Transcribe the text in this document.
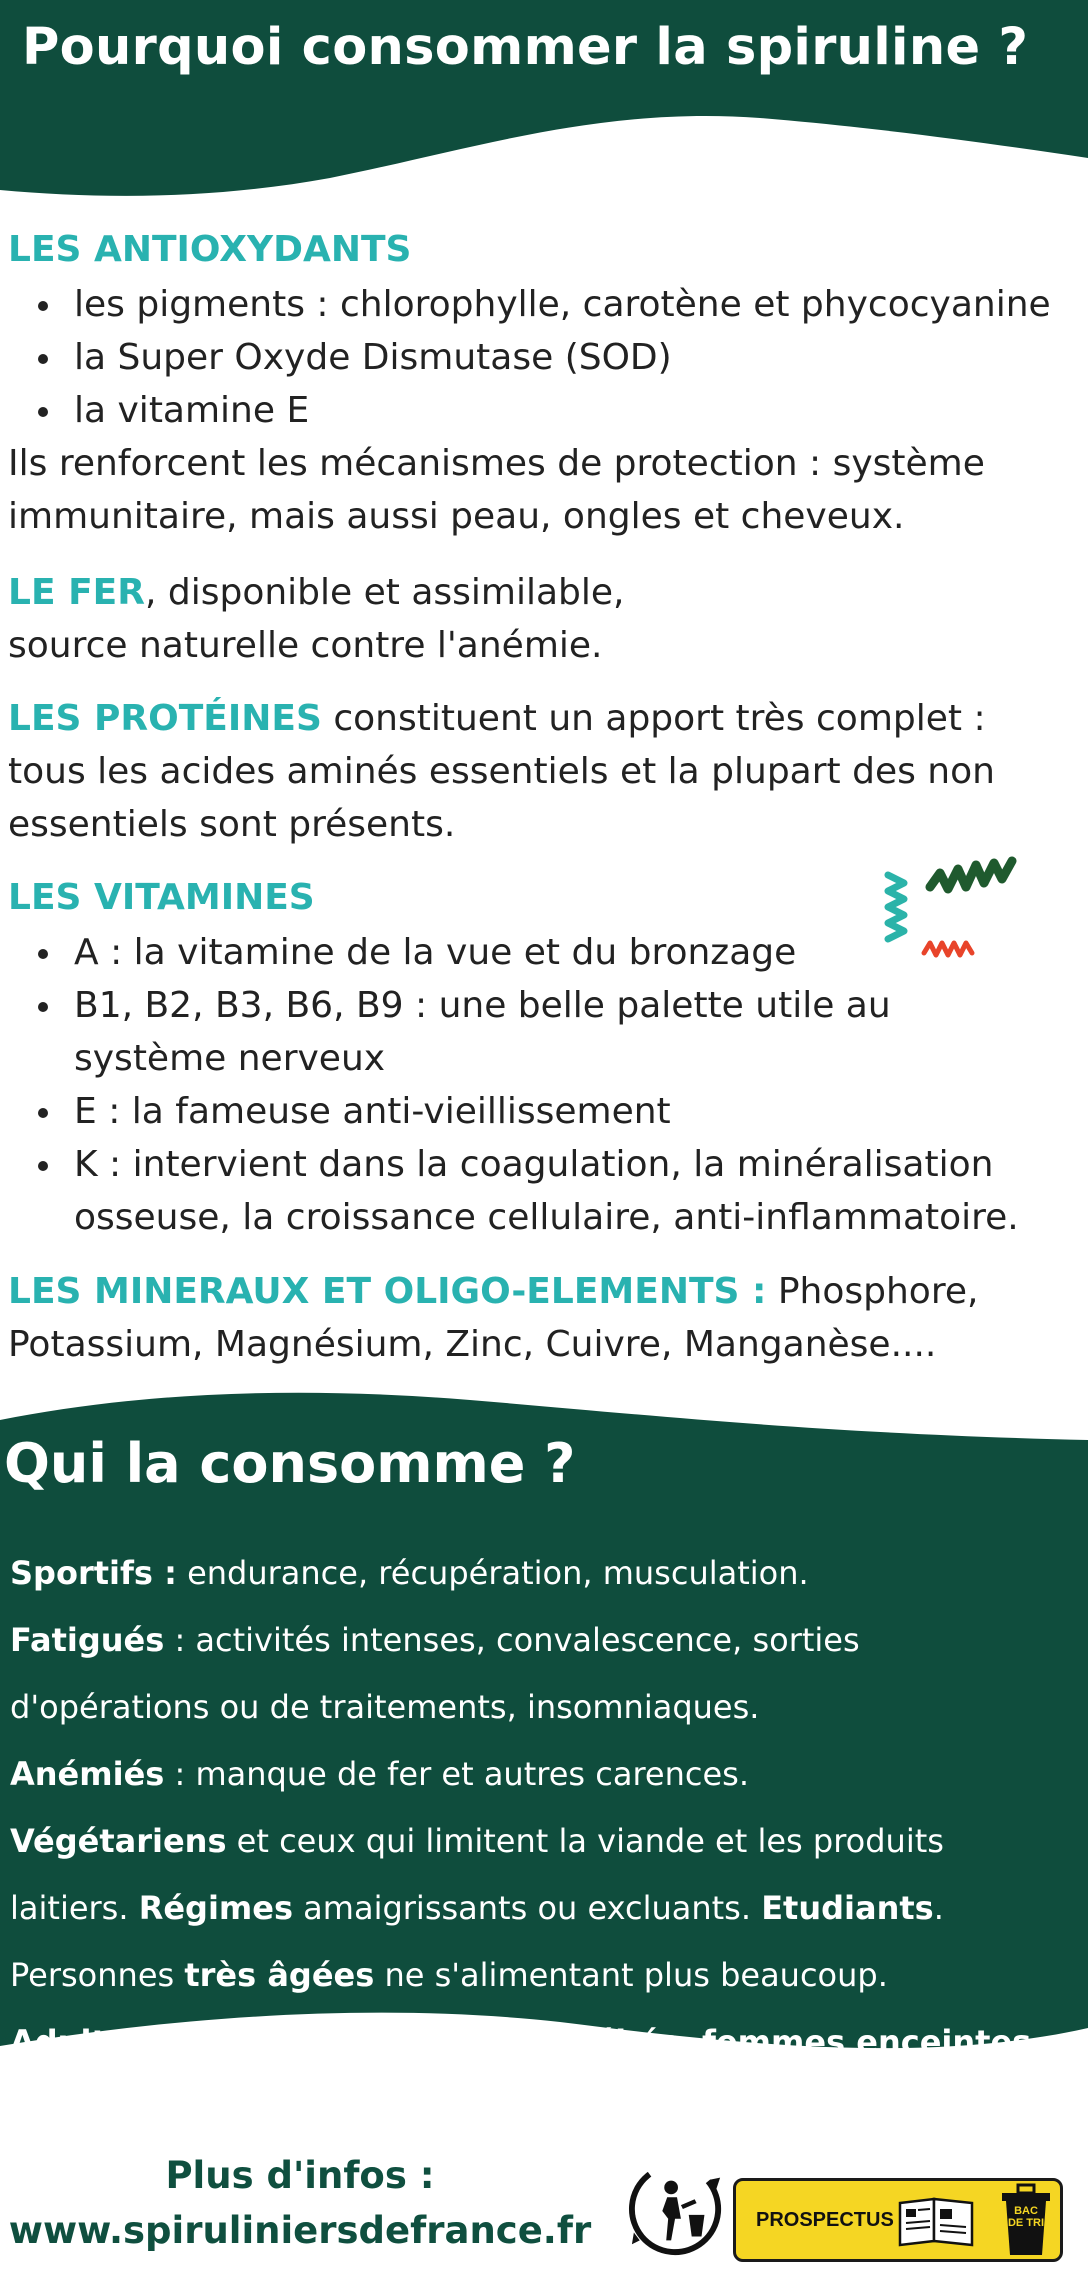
Pourquoi consommer la spiruline ?
LES ANTIOXYDANTS
les pigments : chlorophylle, carotène et phycocyanine
la Super Oxyde Dismutase (SOD)
la vitamine E
Ils renforcent les mécanismes de protection : système
immunitaire, mais aussi peau, ongles et cheveux.
LE FER, disponible et assimilable,
source naturelle contre l'anémie.
LES PROTÉINES constituent un apport très complet :
tous les acides aminés essentiels et la plupart des non
essentiels sont présents.
LES VITAMINES
A : la vitamine de la vue et du bronzage
B1, B2, B3, B6, B9 : une belle palette utile au
système nerveux
E : la fameuse anti-vieillissement
K : intervient dans la coagulation, la minéralisation
osseuse, la croissance cellulaire, anti-inflammatoire.
LES MINERAUX ET OLIGO-ELEMENTS : Phosphore,
Potassium, Magnésium, Zinc, Cuivre, Manganèse....
Qui la consomme ?

Sportifs : endurance, récupération, musculation.

Fatigués : activités intenses, convalescence, sorties

d'opérations ou de traitements, insomniaques.

Anémiés : manque de fer et autres carences.

Végétariens et ceux qui limitent la viande et les produits

laitiers. Régimes amaigrissants ou excluants. Etudiants.

Personnes très âgées ne s'alimentant plus beaucoup.

Adultes, adolescents, enfants, bébés, femmes enceintes.

Plus d'infos :
www.spiruliniersdefrance.fr	PROSPECTUS	BAC DE TRI
